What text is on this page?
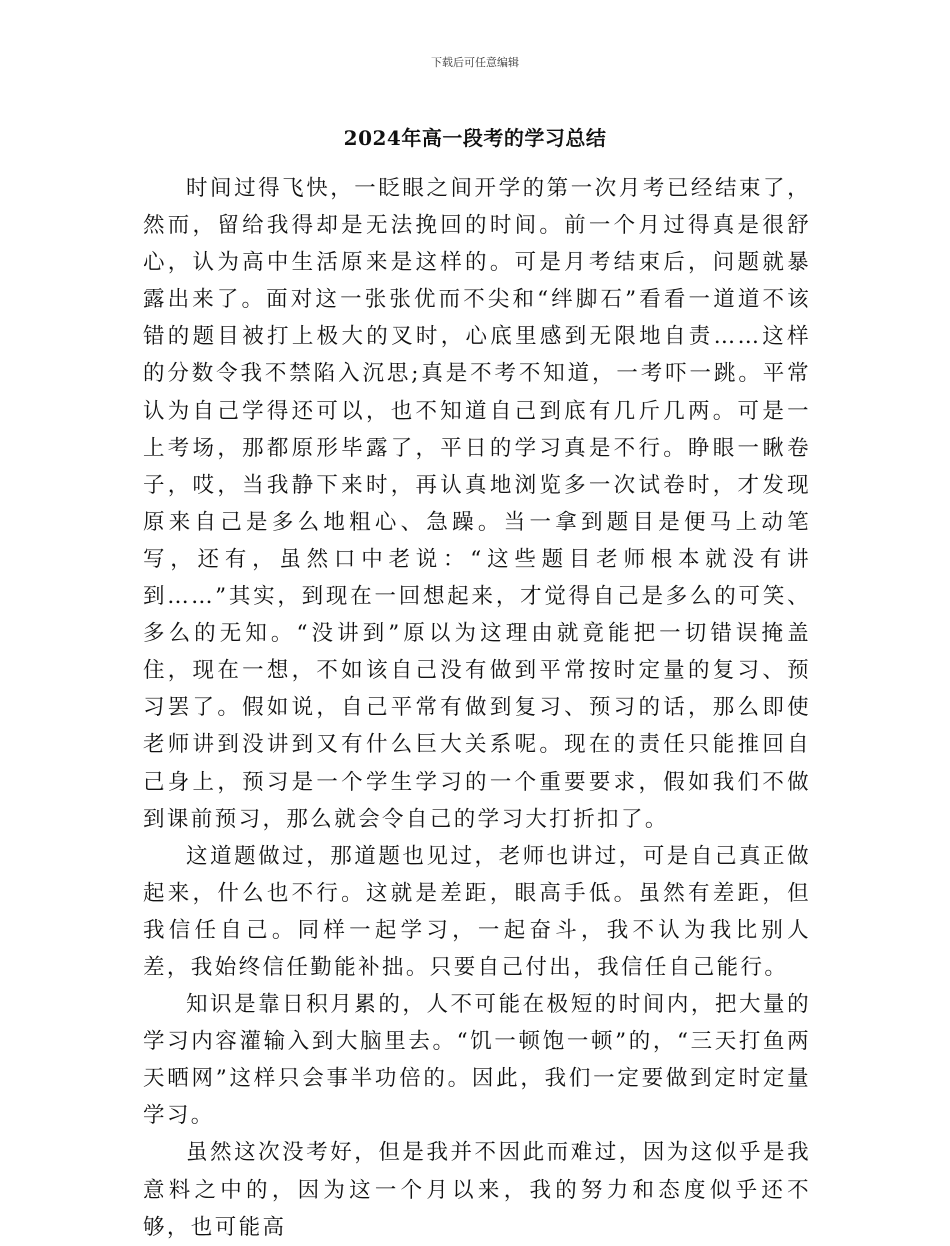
下载后可任意编辑
2024年高一段考的学习总结

时间过得飞快，一眨眼之间开学的第一次月考已经结束了，然而，留给我得却是无法挽回的时间。前一个月过得真是很舒心，认为高中生活原来是这样的。可是月考结束后，问题就暴露出来了。面对这一张张优而不尖和“绊脚石”看看一道道不该错的题目被打上极大的叉时，心底里感到无限地自责……这样的分数令我不禁陷入沉思;真是不考不知道，一考吓一跳。平常认为自己学得还可以，也不知道自己到底有几斤几两。可是一上考场，那都原形毕露了，平日的学习真是不行。睁眼一瞅卷子，哎，当我静下来时，再认真地浏览多一次试卷时，才发现原来自己是多么地粗心、急躁。当一拿到题目是便马上动笔写，还有，虽然口中老说：“这些题目老师根本就没有讲到……”其实，到现在一回想起来，才觉得自己是多么的可笑、多么的无知。“没讲到”原以为这理由就竟能把一切错误掩盖住，现在一想，不如该自己没有做到平常按时定量的复习、预习罢了。假如说，自己平常有做到复习、预习的话，那么即使老师讲到没讲到又有什么巨大关系呢。现在的责任只能推回自己身上，预习是一个学生学习的一个重要要求，假如我们不做到课前预习，那么就会令自己的学习大打折扣了。

这道题做过，那道题也见过，老师也讲过，可是自己真正做起来，什么也不行。这就是差距，眼高手低。虽然有差距，但我信任自己。同样一起学习，一起奋斗，我不认为我比别人差，我始终信任勤能补拙。只要自己付出，我信任自己能行。

知识是靠日积月累的，人不可能在极短的时间内，把大量的学习内容灌输入到大脑里去。“饥一顿饱一顿”的，“三天打鱼两天晒网”这样只会事半功倍的。因此，我们一定要做到定时定量学习。

虽然这次没考好，但是我并不因此而难过，因为这似乎是我意料之中的，因为这一个月以来，我的努力和态度似乎还不够，也可能高
